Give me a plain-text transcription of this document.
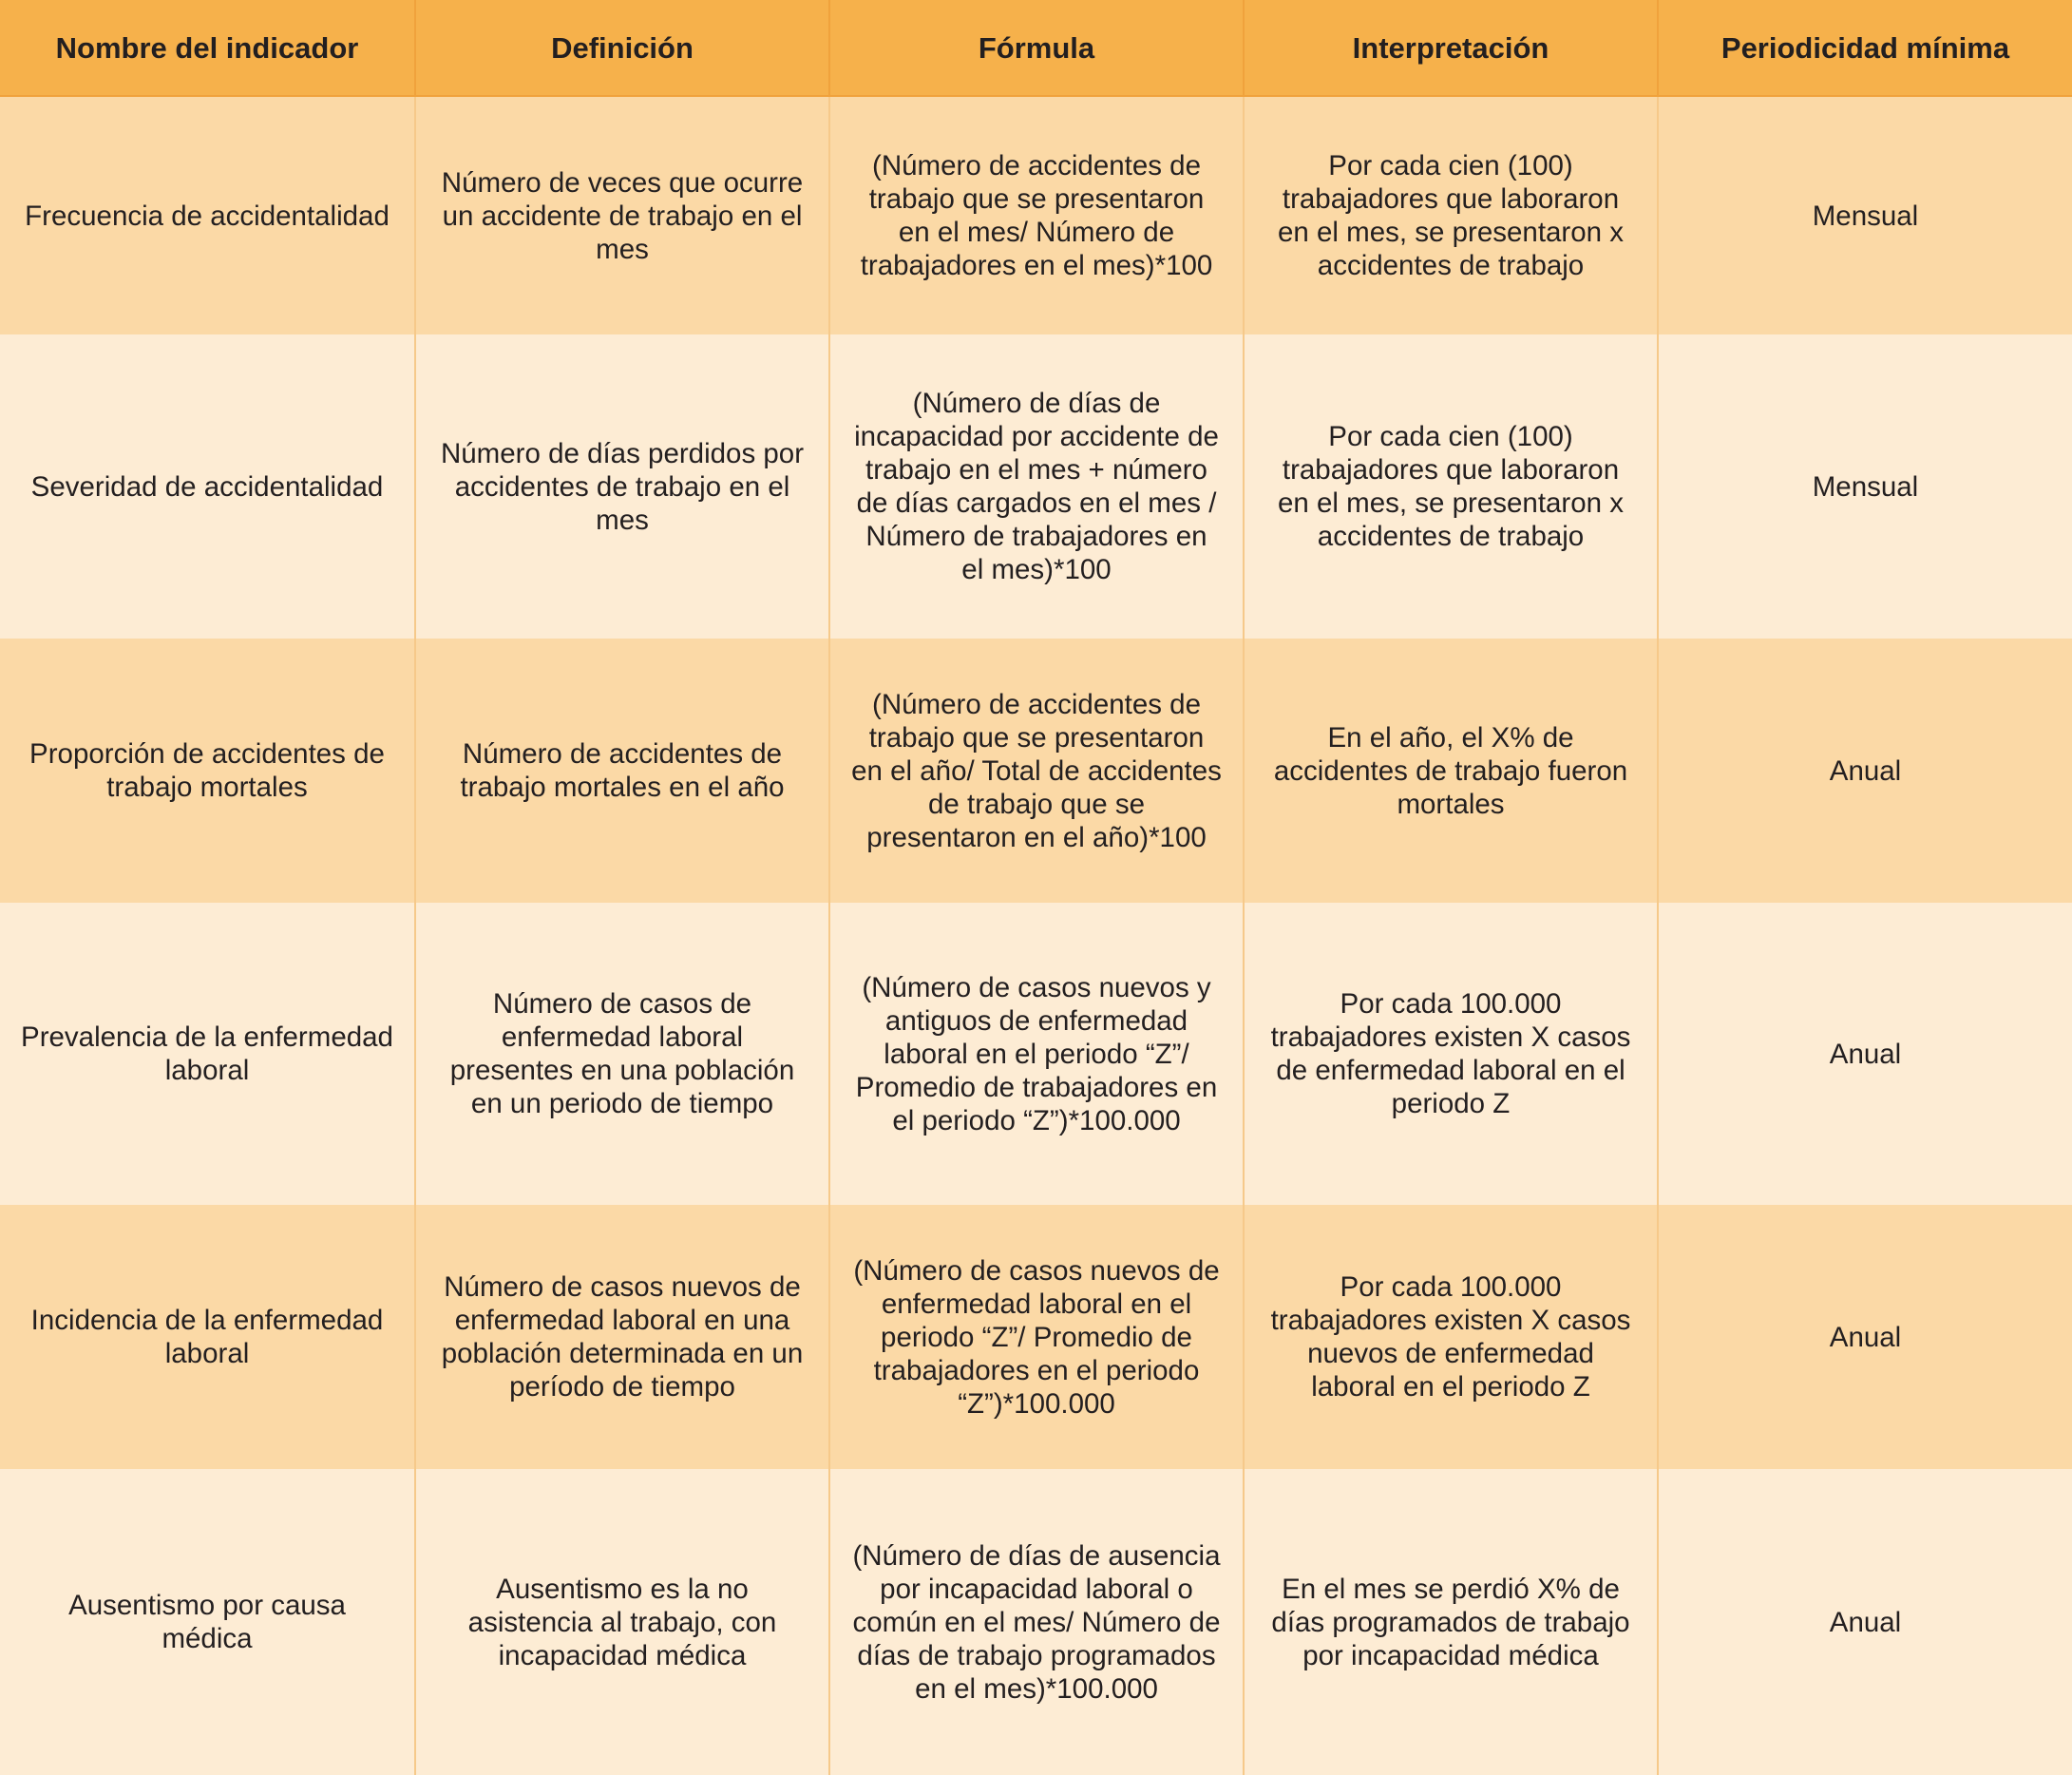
Nombre del indicador	Definición	Fórmula	Interpretación	Periodicidad mínima
Frecuencia de accidentalidad	Número de veces que ocurre un accidente de trabajo en el mes	(Número de accidentes de trabajo que se presentaron en el mes/ Número de trabajadores en el mes)*100	Por cada cien (100) trabajadores que laboraron en el mes, se presentaron x accidentes de trabajo	Mensual
Severidad de accidentalidad	Número de días perdidos por accidentes de trabajo en el mes	(Número de días de incapacidad por accidente de trabajo en el mes + número de días cargados en el mes / Número de trabajadores en el mes)*100	Por cada cien (100) trabajadores que laboraron en el mes, se presentaron x accidentes de trabajo	Mensual
Proporción de accidentes de trabajo mortales	Número de accidentes de trabajo mortales en el año	(Número de accidentes de trabajo que se presentaron en el año/ Total de accidentes de trabajo que se presentaron en el año)*100	En el año, el X% de accidentes de trabajo fueron mortales	Anual
Prevalencia de la enfermedad laboral	Número de casos de enfermedad laboral presentes en una población en un periodo de tiempo	(Número de casos nuevos y antiguos de enfermedad laboral en el periodo “Z”/ Promedio de trabajadores en el periodo “Z”)*100.000	Por cada 100.000 trabajadores existen X casos de enfermedad laboral en el periodo Z	Anual
Incidencia de la enfermedad laboral	Número de casos nuevos de enfermedad laboral en una población determinada en un período de tiempo	(Número de casos nuevos de enfermedad laboral en el periodo “Z”/ Promedio de trabajadores en el periodo “Z”)*100.000	Por cada 100.000 trabajadores existen X casos nuevos de enfermedad laboral en el periodo Z	Anual
Ausentismo por causa médica	Ausentismo es la no asistencia al trabajo, con incapacidad médica	(Número de días de ausencia por incapacidad laboral o común en el mes/ Número de días de trabajo programados en el mes)*100.000	En el mes se perdió X% de días programados de trabajo por incapacidad médica	Anual
